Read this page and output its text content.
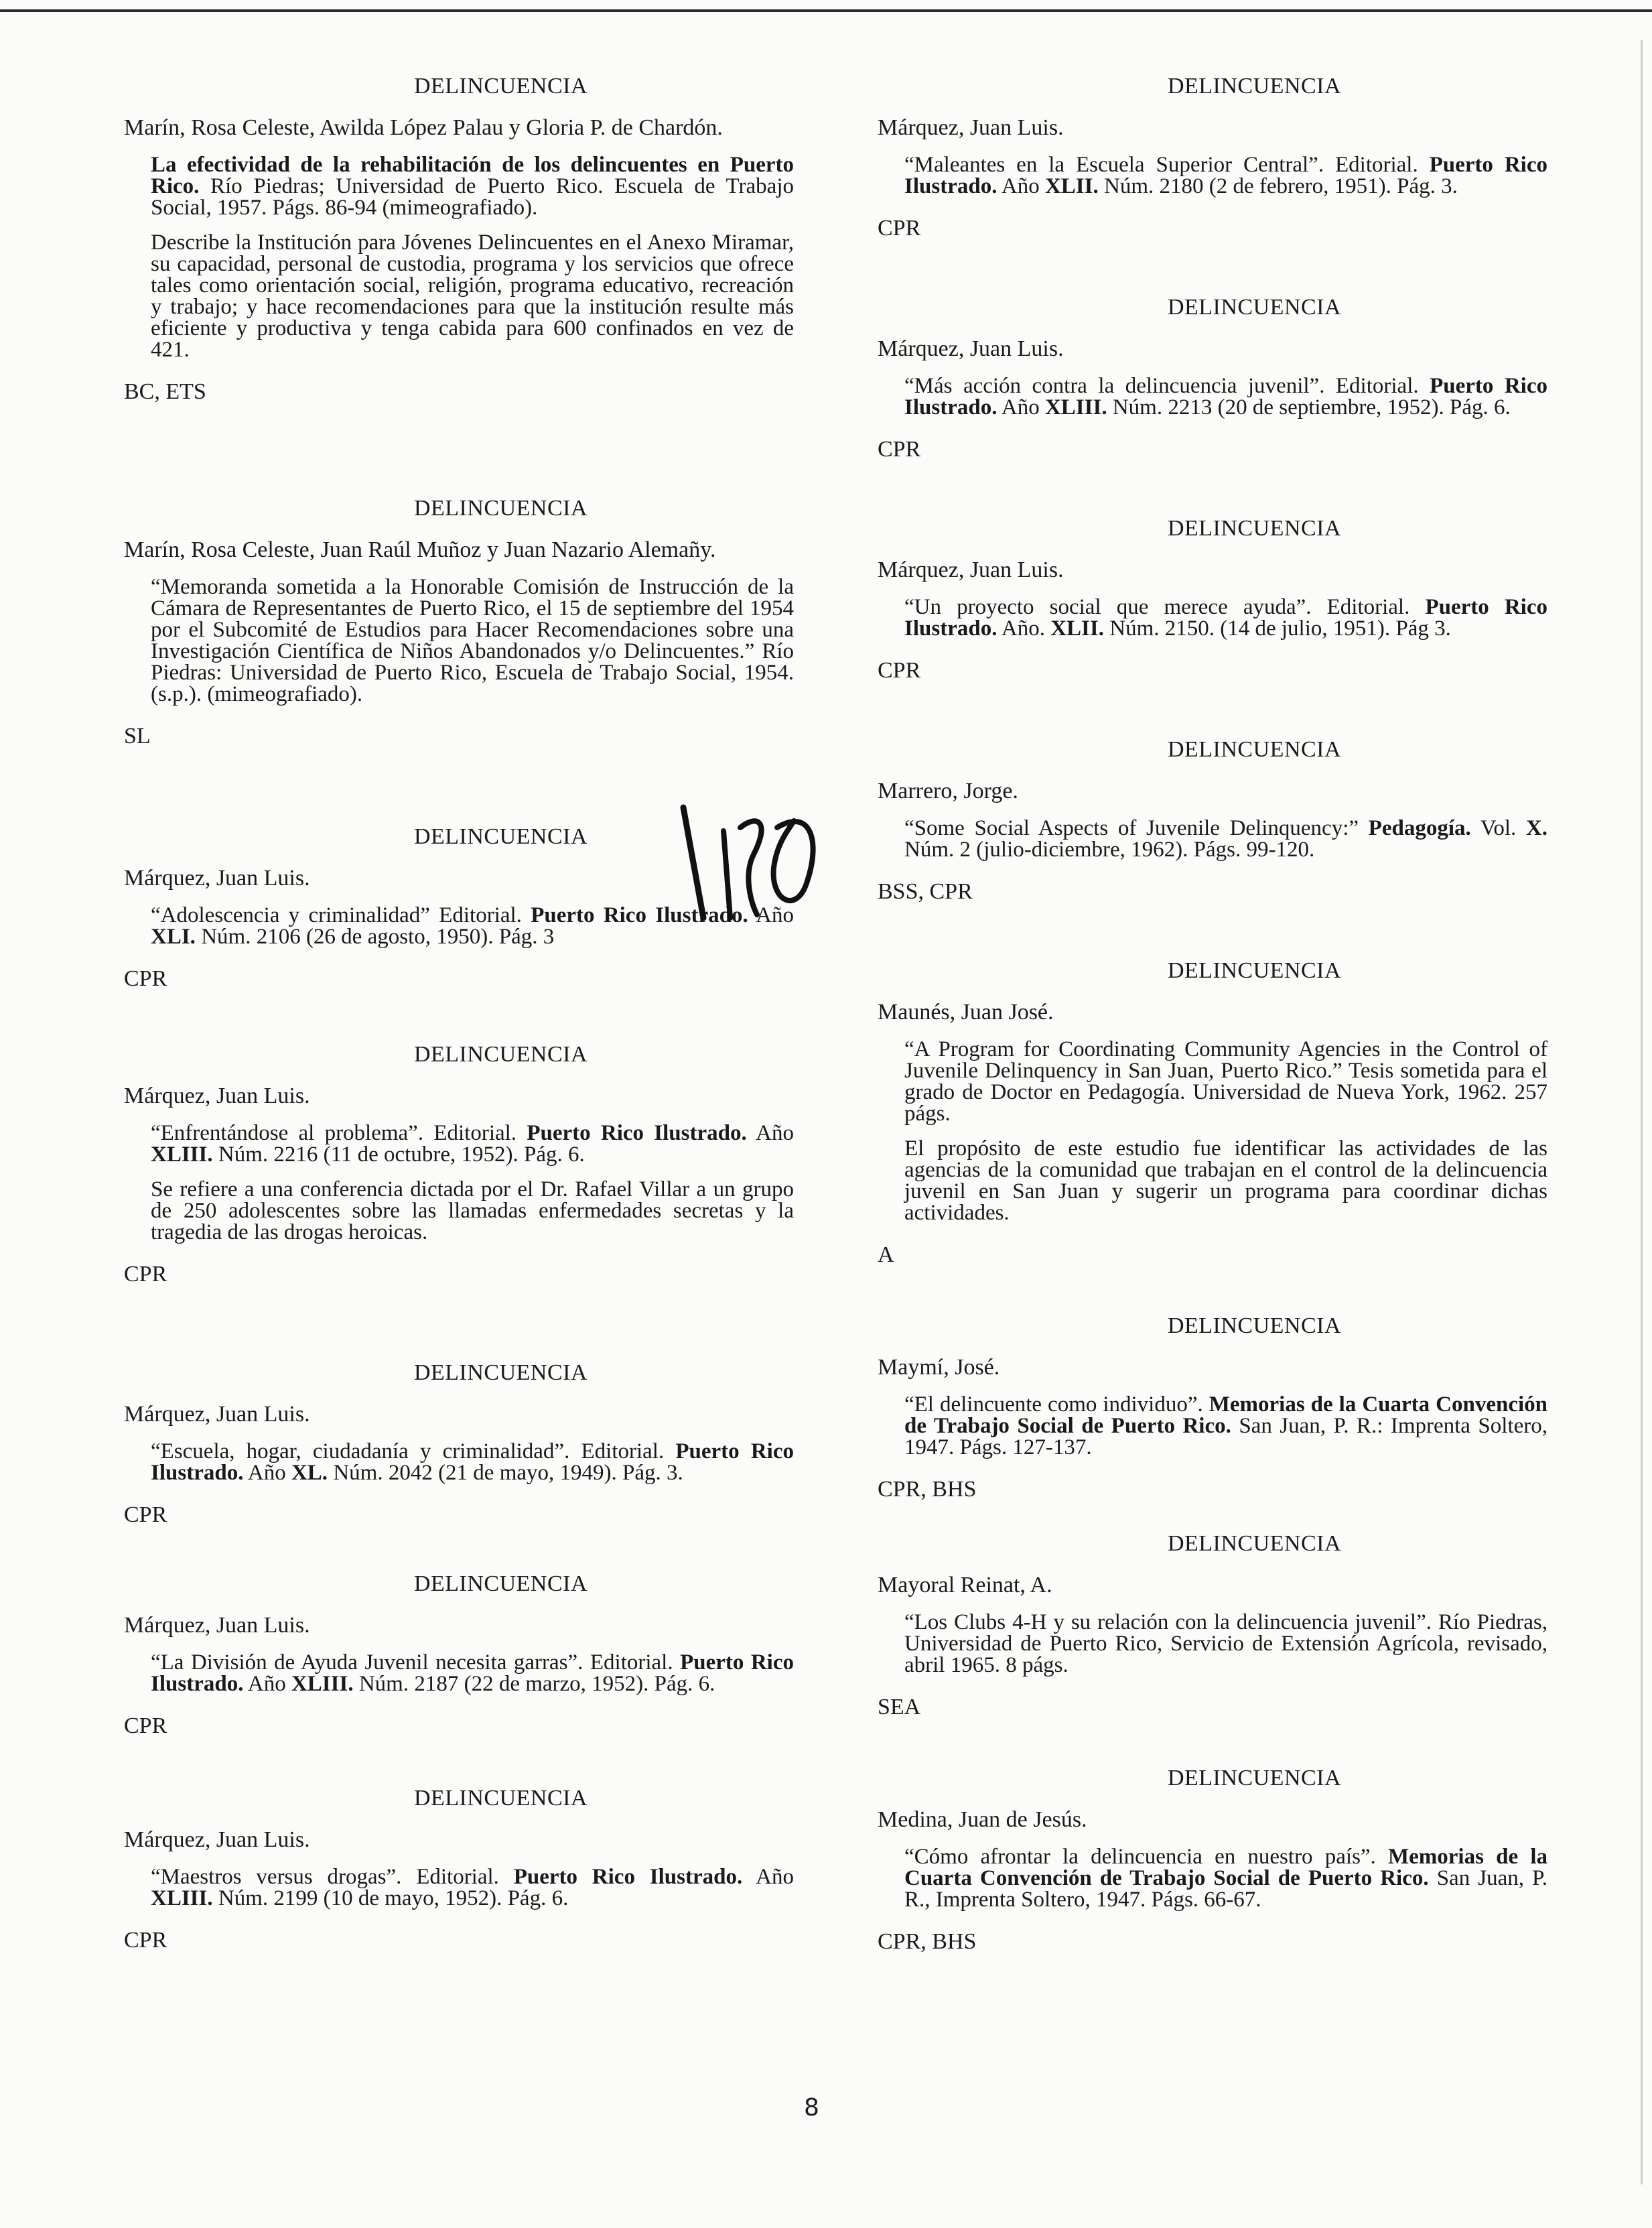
DELINCUENCIA
Marín, Rosa Celeste, Awilda López Palau y Gloria P. de Chardón.
La efectividad de la rehabilitación de los delincuentes en Puerto Rico. Río Piedras; Universidad de Puerto Rico. Escuela de Trabajo Social, 1957. Págs. 86-94 (mimeografiado).
Describe la Institución para Jóvenes Delincuentes en el Anexo Miramar, su capacidad, personal de custodia, programa y los servicios que ofrece tales como orientación social, religión, programa educativo, recreación y trabajo; y hace recomendaciones para que la institución resulte más eficiente y productiva y tenga cabida para 600 confinados en vez de 421.
BC, ETS
DELINCUENCIA
Marín, Rosa Celeste, Juan Raúl Muñoz y Juan Nazario Alemañy.
“Memoranda sometida a la Honorable Comisión de Instrucción de la Cámara de Representantes de Puerto Rico, el 15 de septiembre del 1954 por el Subcomité de Estudios para Hacer Recomendaciones sobre una Investigación Científica de Niños Abandonados y/o Delincuentes.” Río Piedras: Universidad de Puerto Rico, Escuela de Trabajo Social, 1954. (s.p.). (mimeografiado).
SL
DELINCUENCIA
Márquez, Juan Luis.
“Adolescencia y criminalidad” Editorial. Puerto Rico Ilustrado. Año XLI. Núm. 2106 (26 de agosto, 1950). Pág. 3
CPR
DELINCUENCIA
Márquez, Juan Luis.
“Enfrentándose al problema”. Editorial. Puerto Rico Ilustrado. Año XLIII. Núm. 2216 (11 de octubre, 1952). Pág. 6.
Se refiere a una conferencia dictada por el Dr. Rafael Villar a un grupo de 250 adolescentes sobre las llamadas enfermedades secretas y la tragedia de las drogas heroicas.
CPR
DELINCUENCIA
Márquez, Juan Luis.
“Escuela, hogar, ciudadanía y criminalidad”. Editorial. Puerto Rico Ilustrado. Año XL. Núm. 2042 (21 de mayo, 1949). Pág. 3.
CPR
DELINCUENCIA
Márquez, Juan Luis.
“La División de Ayuda Juvenil necesita garras”. Editorial. Puerto Rico Ilustrado. Año XLIII. Núm. 2187 (22 de marzo, 1952). Pág. 6.
CPR
DELINCUENCIA
Márquez, Juan Luis.
“Maestros versus drogas”. Editorial. Puerto Rico Ilustrado. Año XLIII. Núm. 2199 (10 de mayo, 1952). Pág. 6.
CPR
DELINCUENCIA
Márquez, Juan Luis.
“Maleantes en la Escuela Superior Central”. Editorial. Puerto Rico Ilustrado. Año XLII. Núm. 2180 (2 de febrero, 1951). Pág. 3.
CPR
DELINCUENCIA
Márquez, Juan Luis.
“Más acción contra la delincuencia juvenil”. Editorial. Puerto Rico Ilustrado. Año XLIII. Núm. 2213 (20 de septiembre, 1952). Pág. 6.
CPR
DELINCUENCIA
Márquez, Juan Luis.
“Un proyecto social que merece ayuda”. Editorial. Puerto Rico Ilustrado. Año. XLII. Núm. 2150. (14 de julio, 1951). Pág 3.
CPR
DELINCUENCIA
Marrero, Jorge.
“Some Social Aspects of Juvenile Delinquency:” Pedagogía. Vol. X. Núm. 2 (julio-diciembre, 1962). Págs. 99-120.
BSS, CPR
DELINCUENCIA
Maunés, Juan José.
“A Program for Coordinating Community Agencies in the Control of Juvenile Delinquency in San Juan, Puerto Rico.” Tesis sometida para el grado de Doctor en Pedagogía. Universidad de Nueva York, 1962. 257 págs.
El propósito de este estudio fue identificar las actividades de las agencias de la comunidad que trabajan en el control de la delincuencia juvenil en San Juan y sugerir un programa para coordinar dichas actividades.
A
DELINCUENCIA
Maymí, José.
“El delincuente como individuo”. Memorias de la Cuarta Convención de Trabajo Social de Puerto Rico. San Juan, P. R.: Imprenta Soltero, 1947. Págs. 127-137.
CPR, BHS
DELINCUENCIA
Mayoral Reinat, A.
“Los Clubs 4-H y su relación con la delincuencia juvenil”. Río Piedras, Universidad de Puerto Rico, Servicio de Extensión Agrícola, revisado, abril 1965. 8 págs.
SEA
DELINCUENCIA
Medina, Juan de Jesús.
“Cómo afrontar la delincuencia en nuestro país”. Memorias de la Cuarta Convención de Trabajo Social de Puerto Rico. San Juan, P. R., Imprenta Soltero, 1947. Págs. 66-67.
CPR, BHS
8
